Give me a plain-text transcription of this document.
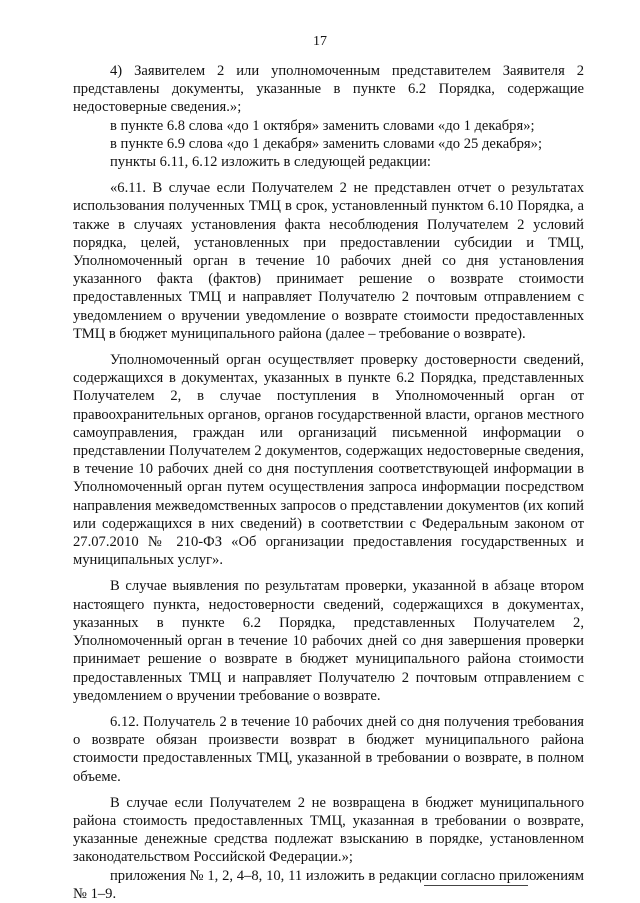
17

4) Заявителем 2 или уполномоченным представителем Заявителя 2 представлены документы, указанные в пункте 6.2 Порядка, содержащие недостоверные сведения.»;

в пункте 6.8 слова «до 1 октября» заменить словами «до 1 декабря»;

в пункте 6.9 слова «до 1 декабря» заменить словами «до 25 декабря»;

пункты 6.11, 6.12 изложить в следующей редакции:

«6.11. В случае если Получателем 2 не представлен отчет о результатах использования полученных ТМЦ в срок, установленный пунктом 6.10 Порядка, а также в случаях установления факта несоблюдения Получателем 2 условий порядка, целей, установленных при предоставлении субсидии и ТМЦ, Уполномоченный орган в течение 10 рабочих дней со дня установления указанного факта (фактов) принимает решение о возврате стоимости предоставленных ТМЦ и направляет Получателю 2 почтовым отправлением с уведомлением о вручении уведомление о возврате стоимости предоставленных ТМЦ в бюджет муниципального района (далее – требование о возврате).

Уполномоченный орган осуществляет проверку достоверности сведений, содержащихся в документах, указанных в пункте 6.2 Порядка, представленных Получателем 2, в случае поступления в Уполномоченный орган от правоохранительных органов, органов государственной власти, органов местного самоуправления, граждан или организаций письменной информации о представлении Получателем 2 документов, содержащих недостоверные сведения, в течение 10 рабочих дней со дня поступления соответствующей информации в Уполномоченный орган путем осуществления запроса информации посредством направления межведомственных запросов о представлении документов (их копий или содержащихся в них сведений) в соответствии с Федеральным законом от 27.07.2010 № 210-ФЗ «Об организации предоставления государственных и муниципальных услуг».

В случае выявления по результатам проверки, указанной в абзаце втором настоящего пункта, недостоверности сведений, содержащихся в документах, указанных в пункте 6.2 Порядка, представленных Получателем 2, Уполномоченный орган в течение 10 рабочих дней со дня завершения проверки принимает решение о возврате в бюджет муниципального района стоимости предоставленных ТМЦ и направляет Получателю 2 почтовым отправлением с уведомлением о вручении требование о возврате.

6.12. Получатель 2 в течение 10 рабочих дней со дня получения требования о возврате обязан произвести возврат в бюджет муниципального района стоимости предоставленных ТМЦ, указанной в требовании о возврате, в полном объеме.

В случае если Получателем 2 не возвращена в бюджет муниципального района стоимость предоставленных ТМЦ, указанная в требовании о возврате, указанные денежные средства подлежат взысканию в порядке, установленном законодательством Российской Федерации.»;

приложения № 1, 2, 4–8, 10, 11 изложить в редакции согласно приложениям № 1–9.
